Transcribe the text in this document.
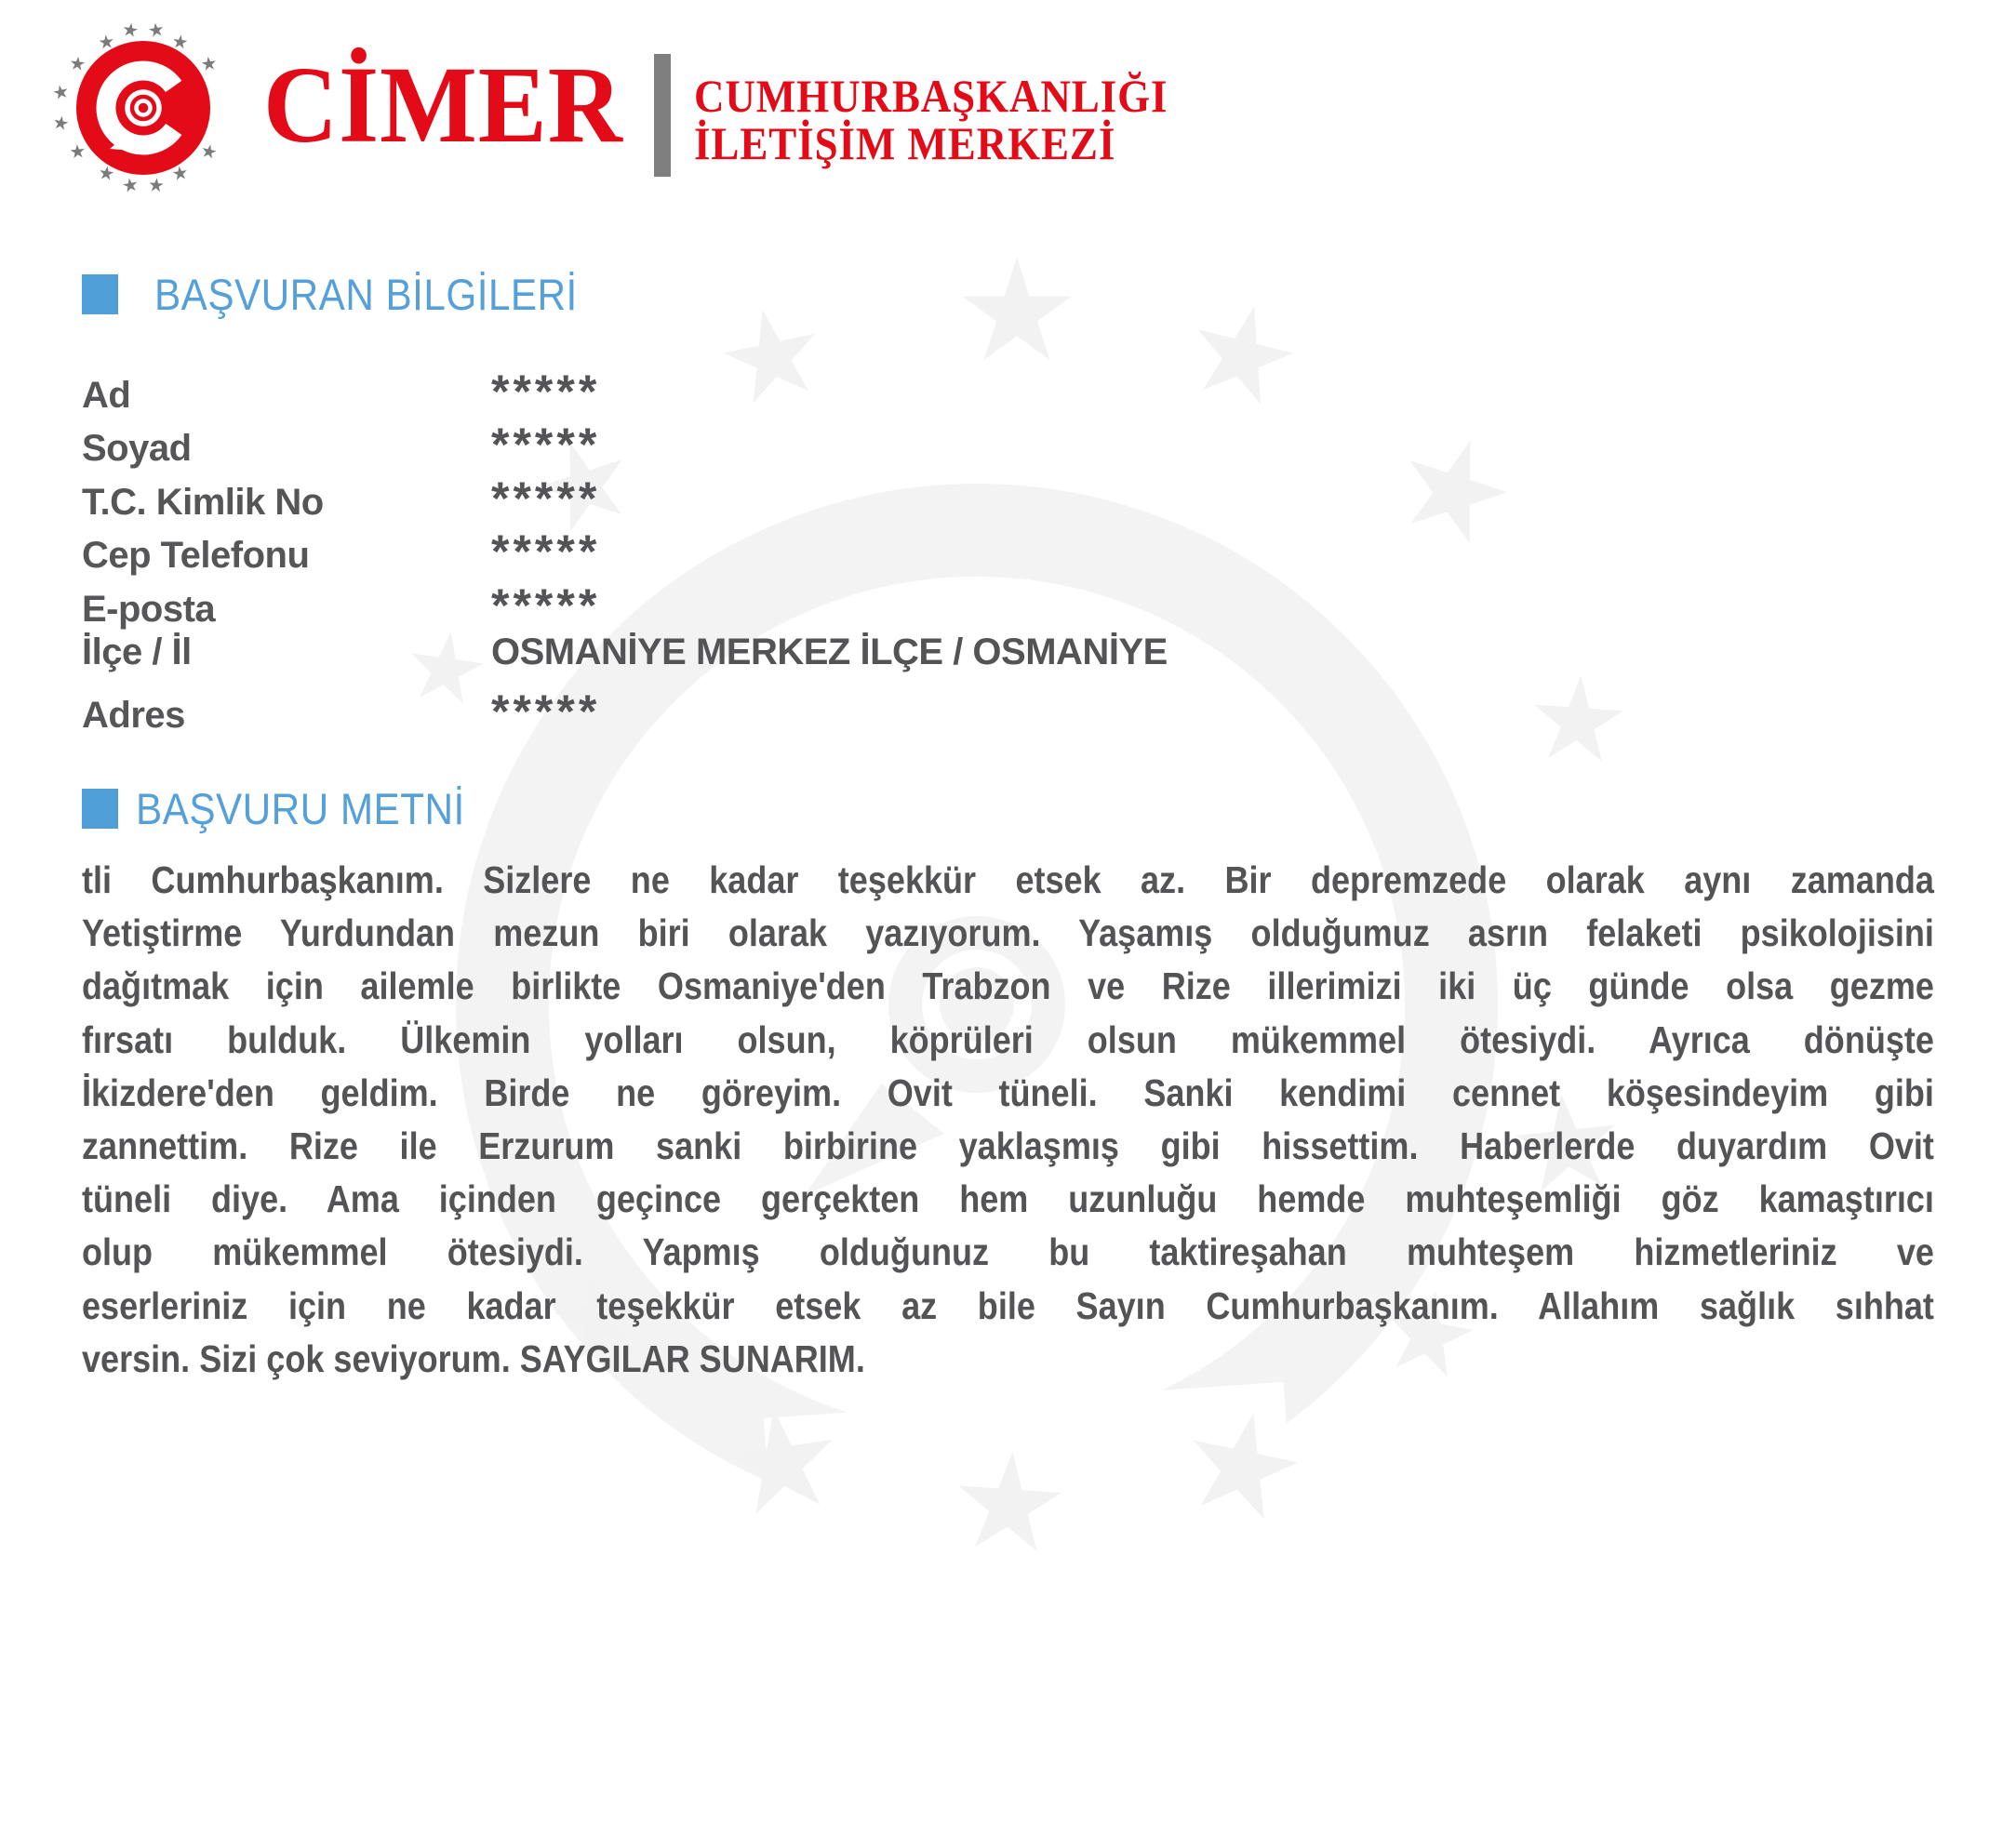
CİMER CUMHURBAŞKANLIĞI
İLETİŞİM MERKEZİ
BAŞVURAN BİLGİLERİ
Ad	*****
Soyad	*****
T.C. Kimlik No	*****
Cep Telefonu	*****
E-posta	*****
İlçe / İl	OSMANİYE MERKEZ İLÇE / OSMANİYE
Adres	*****
BAŞVURU METNİ
tli Cumhurbaşkanım. Sizlere ne kadar teşekkür etsek az. Bir depremzede olarak aynı zamanda
Yetiştirme Yurdundan mezun biri olarak yazıyorum. Yaşamış olduğumuz asrın felaketi psikolojisini
dağıtmak için ailemle birlikte Osmaniye'den Trabzon ve Rize illerimizi iki üç günde olsa gezme
fırsatı bulduk. Ülkemin yolları olsun, köprüleri olsun mükemmel ötesiydi. Ayrıca dönüşte
İkizdere'den geldim. Birde ne göreyim. Ovit tüneli. Sanki kendimi cennet köşesindeyim gibi
zannettim. Rize ile Erzurum sanki birbirine yaklaşmış gibi hissettim. Haberlerde duyardım Ovit
tüneli diye. Ama içinden geçince gerçekten hem uzunluğu hemde muhteşemliği göz kamaştırıcı
olup mükemmel ötesiydi. Yapmış olduğunuz bu taktireşahan muhteşem hizmetleriniz ve
eserleriniz için ne kadar teşekkür etsek az bile Sayın Cumhurbaşkanım. Allahım sağlık sıhhat
versin. Sizi çok seviyorum. SAYGILAR SUNARIM.
